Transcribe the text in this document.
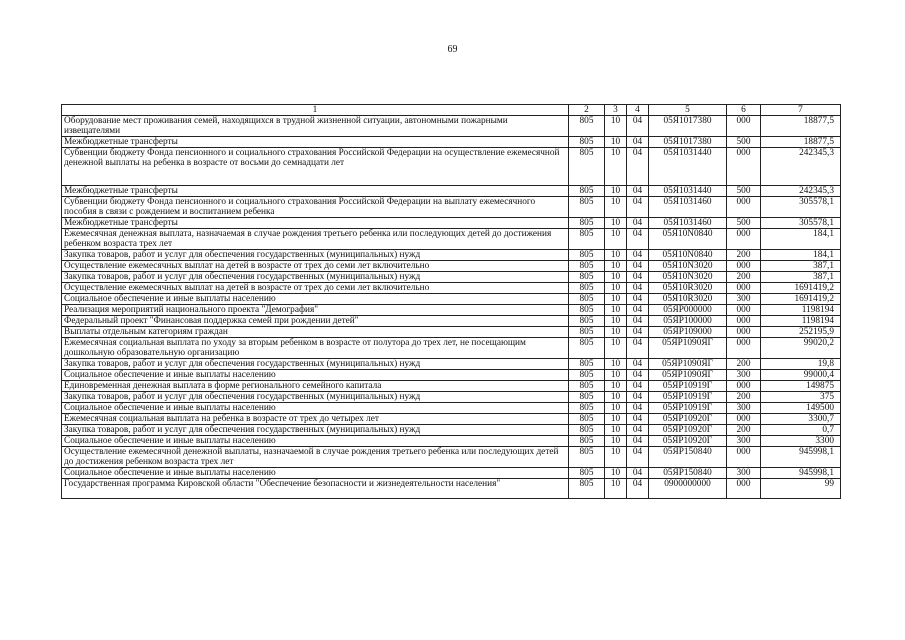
69
1	2	3	4	5	6	7
Оборудование мест проживания семей, находящихся в трудной жизненной ситуации, автономными пожарными извещателями	805	10	04	05Я1017380	000	18877,5
Межбюджетные трансферты	805	10	04	05Я1017380	500	18877,5
Субвенции бюджету Фонда пенсионного и социального страхования Российской Федерации на осуществление ежемесячной денежной выплаты на ребенка в возрасте от восьми до семнадцати лет	805	10	04	05Я1031440	000	242345,3
Межбюджетные трансферты	805	10	04	05Я1031440	500	242345,3
Субвенции бюджету Фонда пенсионного и социального страхования Российской Федерации на выплату ежемесячного пособия в связи с рождением и воспитанием ребенка	805	10	04	05Я1031460	000	305578,1
Межбюджетные трансферты	805	10	04	05Я1031460	500	305578,1
Ежемесячная денежная выплата, назначаемая в случае рождения третьего ребенка или последующих детей до достижения ребенком возраста трех лет	805	10	04	05Я10N0840	000	184,1
Закупка товаров, работ и услуг для обеспечения государственных (муниципальных) нужд	805	10	04	05Я10N0840	200	184,1
Осуществление ежемесячных выплат на детей в возрасте от трех до семи лет включительно	805	10	04	05Я10N3020	000	387,1
Закупка товаров, работ и услуг для обеспечения государственных (муниципальных) нужд	805	10	04	05Я10N3020	200	387,1
Осуществление ежемесячных выплат на детей в возрасте от трех до семи лет включительно	805	10	04	05Я10R3020	000	1691419,2
Социальное обеспечение и иные выплаты населению	805	10	04	05Я10R3020	300	1691419,2
Реализация мероприятий национального проекта "Демография"	805	10	04	05ЯР000000	000	1198194
Федеральный проект "Финансовая поддержка семей при рождении детей"	805	10	04	05ЯР100000	000	1198194
Выплаты отдельным категориям граждан	805	10	04	05ЯР109000	000	252195,9
Ежемесячная социальная выплата по уходу за вторым ребенком в возрасте от полутора до трех лет, не посещающим дошкольную образовательную организацию	805	10	04	05ЯР1090ЯГ	000	99020,2
Закупка товаров, работ и услуг для обеспечения государственных (муниципальных) нужд	805	10	04	05ЯР1090ЯГ	200	19,8
Социальное обеспечение и иные выплаты населению	805	10	04	05ЯР1090ЯГ	300	99000,4
Единовременная денежная выплата в форме регионального семейного капитала	805	10	04	05ЯР10919Г	000	149875
Закупка товаров, работ и услуг для обеспечения государственных (муниципальных) нужд	805	10	04	05ЯР10919Г	200	375
Социальное обеспечение и иные выплаты населению	805	10	04	05ЯР10919Г	300	149500
Ежемесячная социальная выплата на ребенка в возрасте от трех до четырех лет	805	10	04	05ЯР10920Г	000	3300,7
Закупка товаров, работ и услуг для обеспечения государственных (муниципальных) нужд	805	10	04	05ЯР10920Г	200	0,7
Социальное обеспечение и иные выплаты населению	805	10	04	05ЯР10920Г	300	3300
Осуществление ежемесячной денежной выплаты, назначаемой в случае рождения третьего ребенка или последующих детей до достижения ребенком возраста трех лет	805	10	04	05ЯР150840	000	945998,1
Социальное обеспечение и иные выплаты населению	805	10	04	05ЯР150840	300	945998,1
Государственная программа Кировской области "Обеспечение безопасности и жизнедеятельности населения"	805	10	04	0900000000	000	99
